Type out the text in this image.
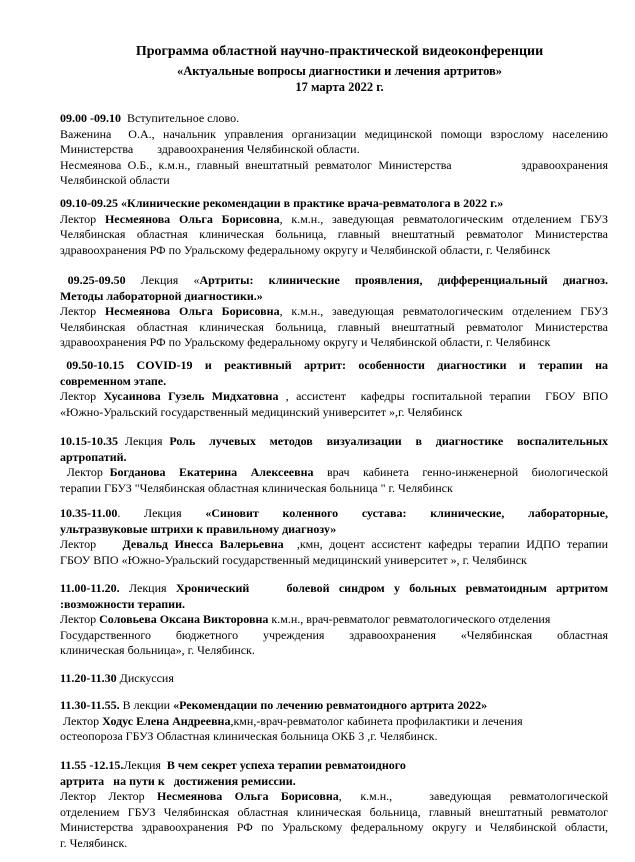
Программа областной научно-практической видеоконференции
«Актуальные вопросы диагностики и лечения артритов»
17 марта 2022 г.
09.00 -09.10  Вступительное слово.
Важенина  О.А., начальник управления организации медицинской помощи взрослому населению
Министерства        здравоохранения Челябинской области.
Несмеянова О.Б., к.м.н., главный внештатный ревматолог Министерства           здравоохранения
Челябинской области
09.10-09.25 «Клинические рекомендации в практике врача-ревматолога в 2022 г.»
Лектор Несмеянова Ольга Борисовна, к.м.н., заведующая ревматологическим отделением ГБУЗ
Челябинская областная клиническая больница, главный внештатный ревматолог Министерства
здравоохранения РФ по Уральскому федеральному округу и Челябинской области, г. Челябинск
09.25-09.50  Лекция  «Артриты:  клинические  проявления,  дифференциальный  диагноз.
Методы лабораторной диагностики.»
Лектор Несмеянова Ольга Борисовна, к.м.н., заведующая ревматологическим отделением ГБУЗ
Челябинская областная клиническая больница, главный внештатный ревматолог Министерства
здравоохранения РФ по Уральскому федеральному округу и Челябинской области, г. Челябинск
09.50-10.15  COVID-19  и  реактивный  артрит:  особенности  диагностики  и  терапии  на
современном этапе.
Лектор Хусаинова Гузель Мидхатовна , ассистент  кафедры госпитальной терапии  ГБОУ ВПО
«Южно-Уральский государственный медицинский университет »,г. Челябинск
10.15-10.35 Лекция Роль  лучевых  методов  визуализации  в  диагностике  воспалительных
артропатий.
Лектор Богданова  Екатерина  Алексеевна  врач  кабинета  генно-инженерной  биологической
терапии ГБУЗ "Челябинская областная клиническая больница " г. Челябинск
10.35-11.00.      Лекция      «Синовит      коленного      сустава:      клинические,      лабораторные,
ультразвуковые штрихи к правильному диагнозу»
Лектор    Девальд Инесса Валерьевна  ,кмн, доцент ассистент кафедры терапии ИДПО терапии
ГБОУ ВПО «Южно-Уральский государственный медицинский университет », г. Челябинск
11.00-11.20. Лекция Хронический    болевой синдром у больных ревматоидным артритом
:возможности терапии.
Лектор Соловьева Оксана Викторовна к.м.н., врач-ревматолог ревматологического отделения
Государственного    бюджетного    учреждения    здравоохранения    «Челябинская    областная
клиническая больница», г. Челябинск.
11.20-11.30 Дискуссия
11.30-11.55. В лекции «Рекомендации по лечению ревматоидного артрита 2022»
Лектор Ходус Елена Андреевна,кмн,-врач-ревматолог кабинета профилактики и лечения
остеопороза ГБУЗ Областная клиническая больница ОКБ 3 ,г. Челябинск.
11.55 -12.15.Лекция  В чем секрет успеха терапии ревматоидного
артрита   на пути к   достижения ремиссии.
Лектор  Лектор  Несмеянова  Ольга  Борисовна,   к.м.н.,      заведующая   ревматологической
отделением ГБУЗ Челябинская областная клиническая больница, главный внештатный ревматолог
Министерства здравоохранения РФ по Уральскому федеральному округу и Челябинской области,
г. Челябинск.
